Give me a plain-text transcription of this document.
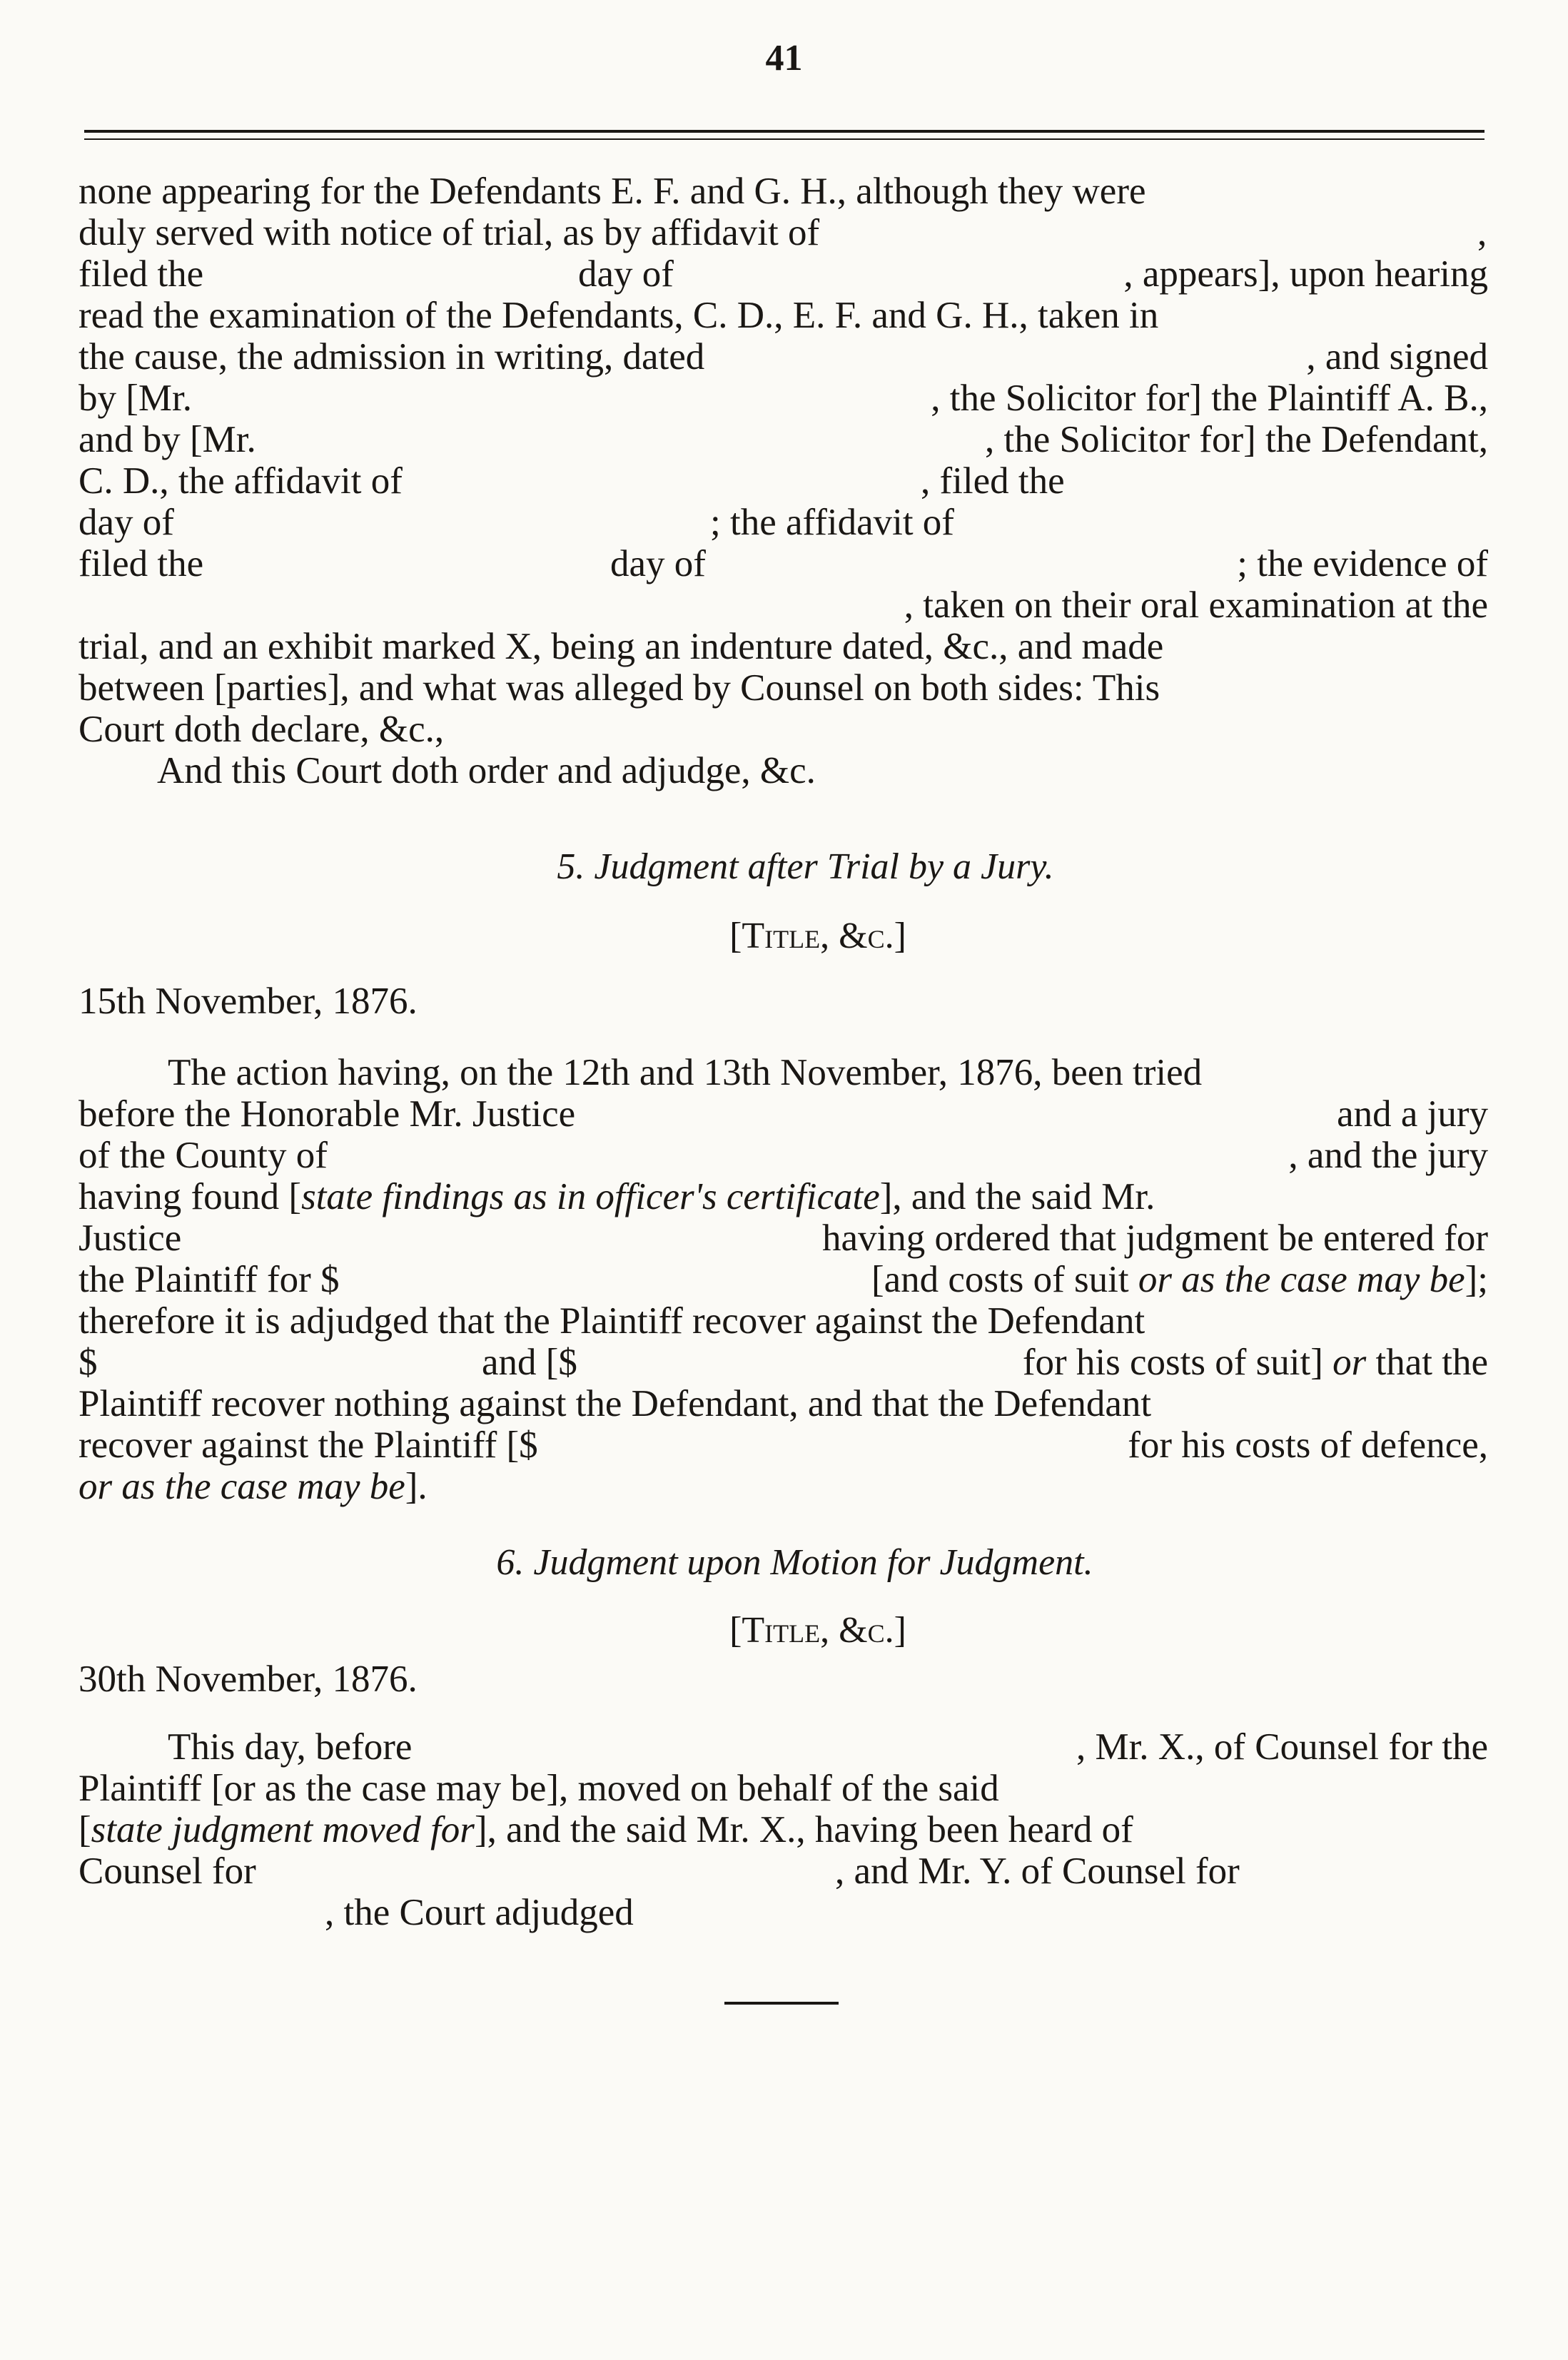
41
none appearing for the Defendants E. F. and G. H., although they were
duly served with notice of trial, as by affidavit of	,
filed the	day of	, appears], upon hearing
read the examination of the Defendants, C. D., E. F. and G. H., taken in
the cause, the admission in writing, dated	, and signed
by [Mr.	, the Solicitor for] the Plaintiff A. B.,
and by [Mr.	, the Solicitor for] the Defendant,
C. D., the affidavit of	, filed the
day of	; the affidavit of
filed the	day of	; the evidence of
, taken on their oral examination at the
trial, and an exhibit marked X, being an indenture dated, &c., and made
between [parties], and what was alleged by Counsel on both sides: This
Court doth declare, &c.,
And this Court doth order and adjudge, &c.
5. Judgment after Trial by a Jury.
[Title, &c.]
15th November, 1876.
The action having, on the 12th and 13th November, 1876, been tried
before the Honorable Mr. Justice	and a jury
of the County of	, and the jury
having found [state findings as in officer's certificate], and the said Mr.
Justice	having ordered that judgment be entered for
the Plaintiff for $	[and costs of suit or as the case may be];
therefore it is adjudged that the Plaintiff recover against the Defendant
$	and [$	for his costs of suit] or that the
Plaintiff recover nothing against the Defendant, and that the Defendant
recover against the Plaintiff [$	for his costs of defence,
or as the case may be].
6. Judgment upon Motion for Judgment.
[Title, &c.]
30th November, 1876.
This day, before	, Mr. X., of Counsel for the
Plaintiff [or as the case may be], moved on behalf of the said
[state judgment moved for], and the said Mr. X., having been heard of
Counsel for	, and Mr. Y. of Counsel for
, the Court adjudged
